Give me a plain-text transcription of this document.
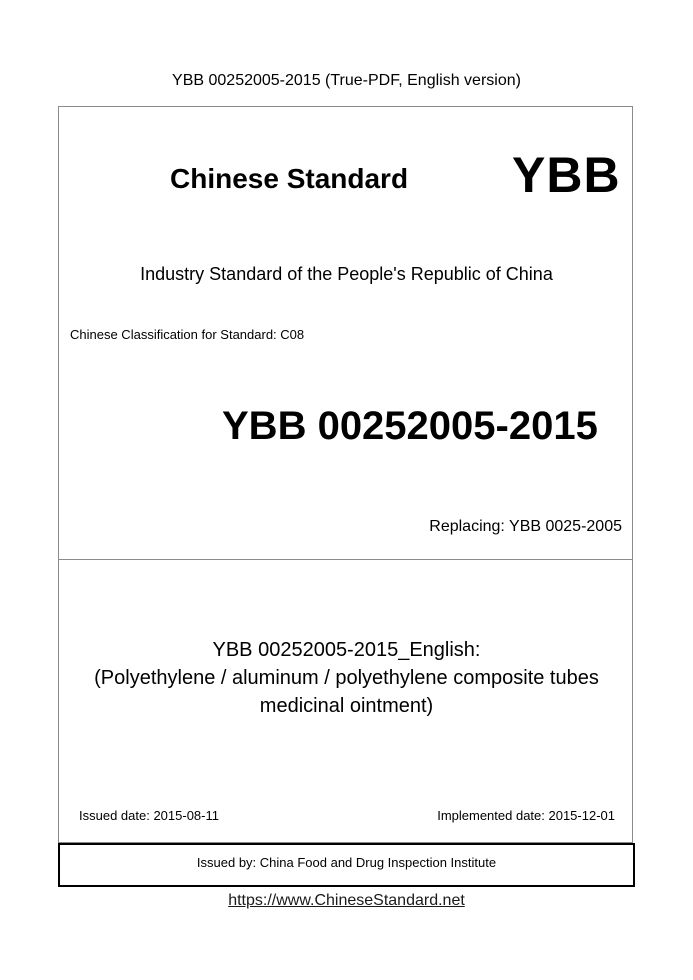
YBB 00252005-2015 (True-PDF, English version)
Chinese Standard YBB
Industry Standard of the People's Republic of China
Chinese Classification for Standard: C08
YBB 00252005-2015
Replacing: YBB 0025-2005
YBB 00252005-2015_English:
(Polyethylene / aluminum / polyethylene composite tubes
medicinal ointment)
Issued date: 2015-08-11	Implemented date: 2015-12-01
Issued by: China Food and Drug Inspection Institute
https://www.ChineseStandard.net
